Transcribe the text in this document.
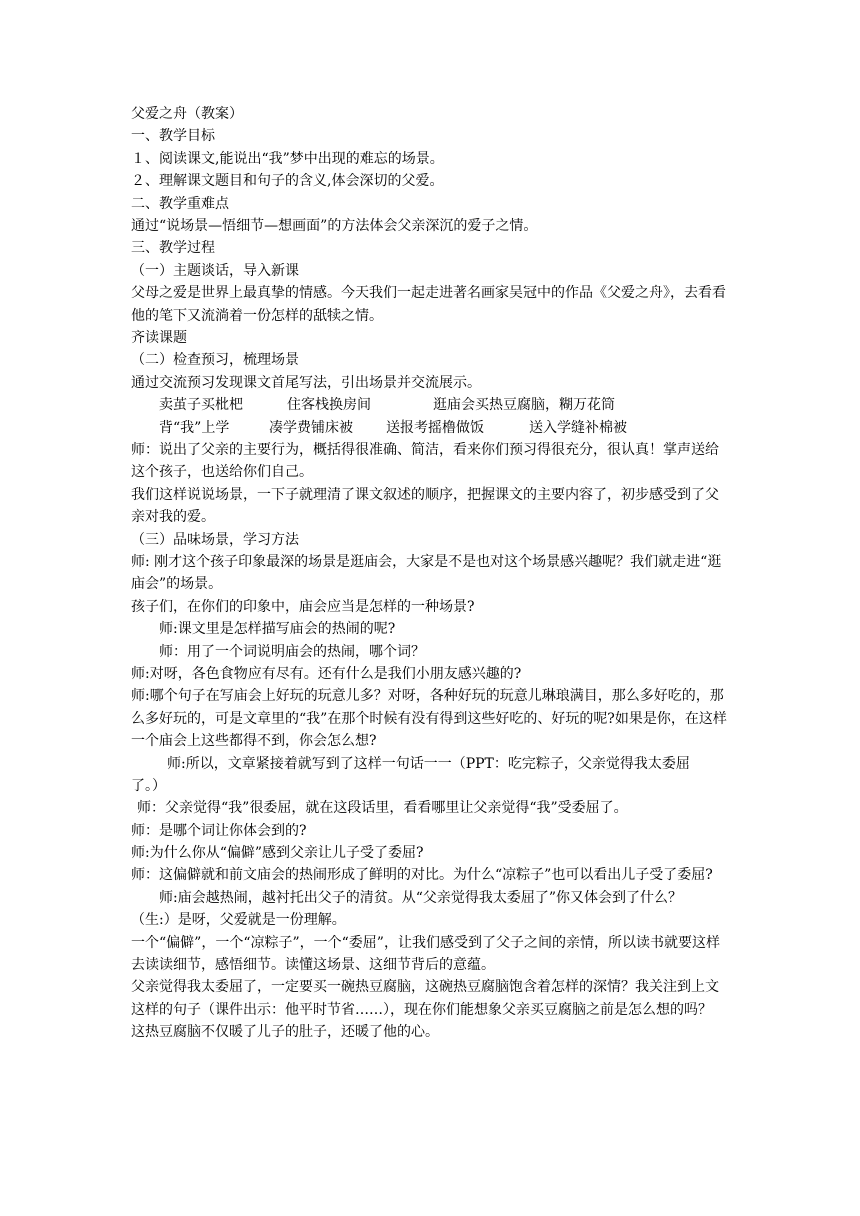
父爱之舟（教案）
一、教学目标
１、阅读课文,能说出“我”梦中出现的难忘的场景。
２、理解课文题目和句子的含义,体会深切的父爱。
二、教学重难点
通过“说场景—悟细节—想画面”的方法体会父亲深沉的爱子之情。
三、教学过程
（一）主题谈话，导入新课
父母之爱是世界上最真挚的情感。今天我们一起走进著名画家吴冠中的作品《父爱之舟》，去看看他的笔下又流淌着一份怎样的舐犊之情。
齐读课题
（二）检查预习，梳理场景
通过交流预习发现课文首尾写法，引出场景并交流展示。
卖茧子买枇杷	住客栈换房间	逛庙会买热豆腐脑，糊万花筒
背“我”上学	凑学费铺床被	送报考摇橹做饭	送入学缝补棉被
师：说出了父亲的主要行为，概括得很准确、简洁，看来你们预习得很充分，很认真！掌声送给这个孩子，也送给你们自己。
我们这样说说场景，一下子就理清了课文叙述的顺序，把握课文的主要内容了，初步感受到了父亲对我的爱。
（三）品味场景，学习方法
师: 刚才这个孩子印象最深的场景是逛庙会，大家是不是也对这个场景感兴趣呢？我们就走进“逛庙会”的场景。
孩子们，在你们的印象中，庙会应当是怎样的一种场景?
师:课文里是怎样描写庙会的热闹的呢?
师：用了一个词说明庙会的热闹，哪个词？
师:对呀，各色食物应有尽有。还有什么是我们小朋友感兴趣的?
师:哪个句子在写庙会上好玩的玩意儿多？对呀，各种好玩的玩意儿琳琅满目，那么多好吃的，那么多好玩的，可是文章里的“我”在那个时候有没有得到这些好吃的、好玩的呢?如果是你，在这样一个庙会上这些都得不到，你会怎么想?
师:所以，文章紧接着就写到了这样一句话一一（PPT：吃完粽子，父亲觉得我太委屈
了。）
师：父亲觉得“我”很委屈，就在这段话里，看看哪里让父亲觉得“我”受委屈了。
师：是哪个词让你体会到的?
师:为什么你从“偏僻”感到父亲让儿子受了委屈?
师：这偏僻就和前文庙会的热闹形成了鲜明的对比。为什么“凉粽子”也可以看出儿子受了委屈?
师:庙会越热闹，越衬托出父子的清贫。从“父亲觉得我太委屈了”你又体会到了什么？
（生:）是呀，父爱就是一份理解。
一个“偏僻”，一个“凉粽子”，一个“委屈”，让我们感受到了父子之间的亲情，所以读书就要这样去读读细节，感悟细节。读懂这场景、这细节背后的意蕴。
父亲觉得我太委屈了，一定要买一碗热豆腐脑，这碗热豆腐脑饱含着怎样的深情？我关注到上文这样的句子（课件出示：他平时节省……），现在你们能想象父亲买豆腐脑之前是怎么想的吗？
这热豆腐脑不仅暖了儿子的肚子，还暖了他的心。
